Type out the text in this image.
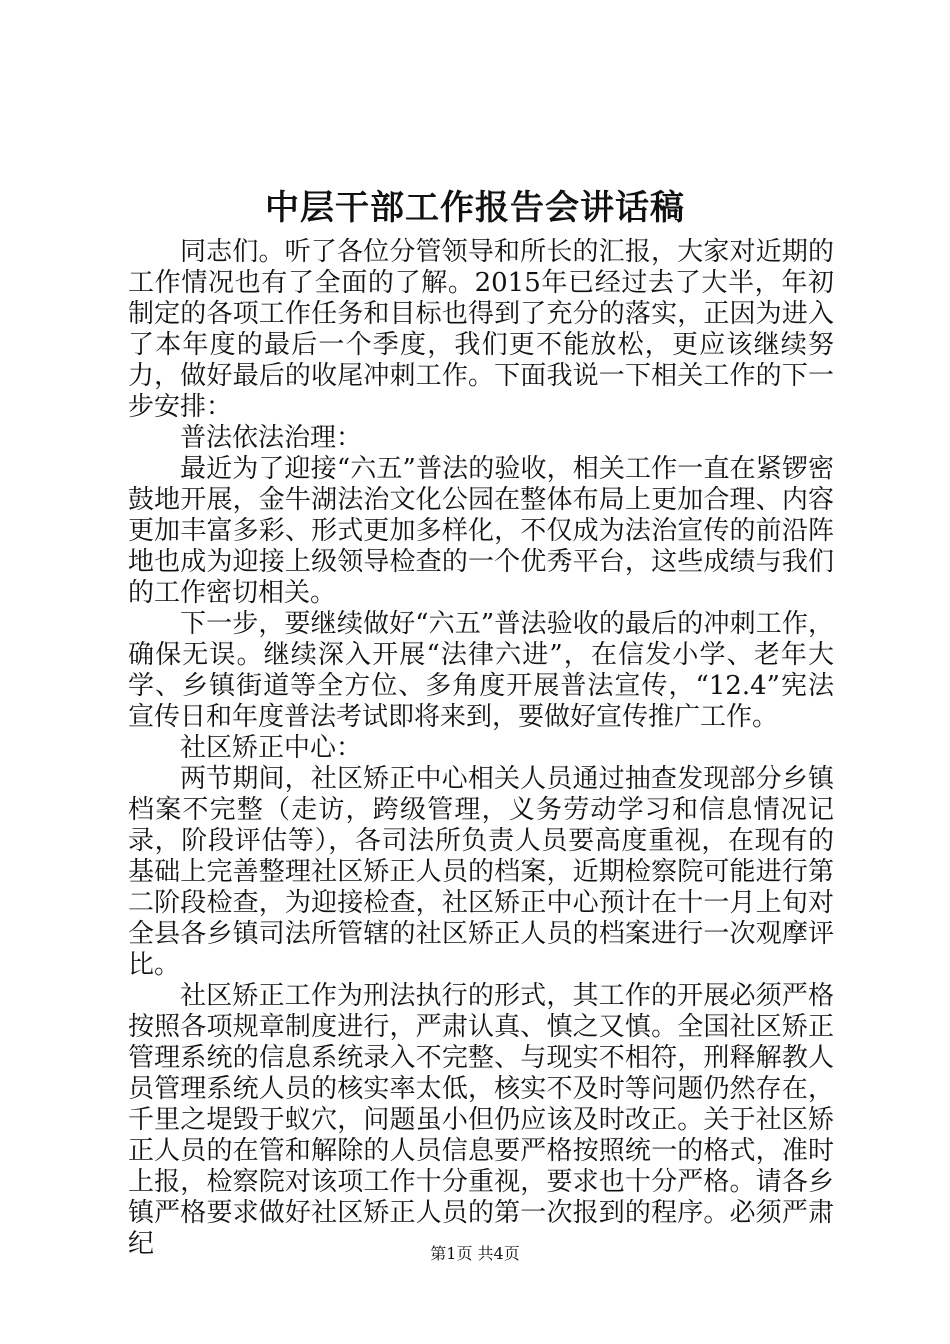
中层干部工作报告会讲话稿

同志们。听了各位分管领导和所长的汇报，大家对近期的工作情况也有了全面的了解。2015年已经过去了大半，年初制定的各项工作任务和目标也得到了充分的落实，正因为进入了本年度的最后一个季度，我们更不能放松，更应该继续努力，做好最后的收尾冲刺工作。下面我说一下相关工作的下一步安排：

普法依法治理：

最近为了迎接“六五”普法的验收，相关工作一直在紧锣密鼓地开展，金牛湖法治文化公园在整体布局上更加合理、内容更加丰富多彩、形式更加多样化，不仅成为法治宣传的前沿阵地也成为迎接上级领导检查的一个优秀平台，这些成绩与我们的工作密切相关。

下一步，要继续做好“六五”普法验收的最后的冲刺工作，确保无误。继续深入开展“法律六进”，在信发小学、老年大学、乡镇街道等全方位、多角度开展普法宣传，“12.4”宪法宣传日和年度普法考试即将来到，要做好宣传推广工作。

社区矫正中心：

两节期间，社区矫正中心相关人员通过抽查发现部分乡镇档案不完整（走访，跨级管理，义务劳动学习和信息情况记录，阶段评估等），各司法所负责人员要高度重视，在现有的基础上完善整理社区矫正人员的档案，近期检察院可能进行第二阶段检查，为迎接检查，社区矫正中心预计在十一月上旬对全县各乡镇司法所管辖的社区矫正人员的档案进行一次观摩评比。

社区矫正工作为刑法执行的形式，其工作的开展必须严格按照各项规章制度进行，严肃认真、慎之又慎。全国社区矫正管理系统的信息系统录入不完整、与现实不相符，刑释解教人员管理系统人员的核实率太低，核实不及时等问题仍然存在，千里之堤毁于蚁穴，问题虽小但仍应该及时改正。关于社区矫正人员的在管和解除的人员信息要严格按照统一的格式，准时上报，检察院对该项工作十分重视，要求也十分严格。请各乡镇严格要求做好社区矫正人员的第一次报到的程序。必须严肃纪	第1页 共4页
